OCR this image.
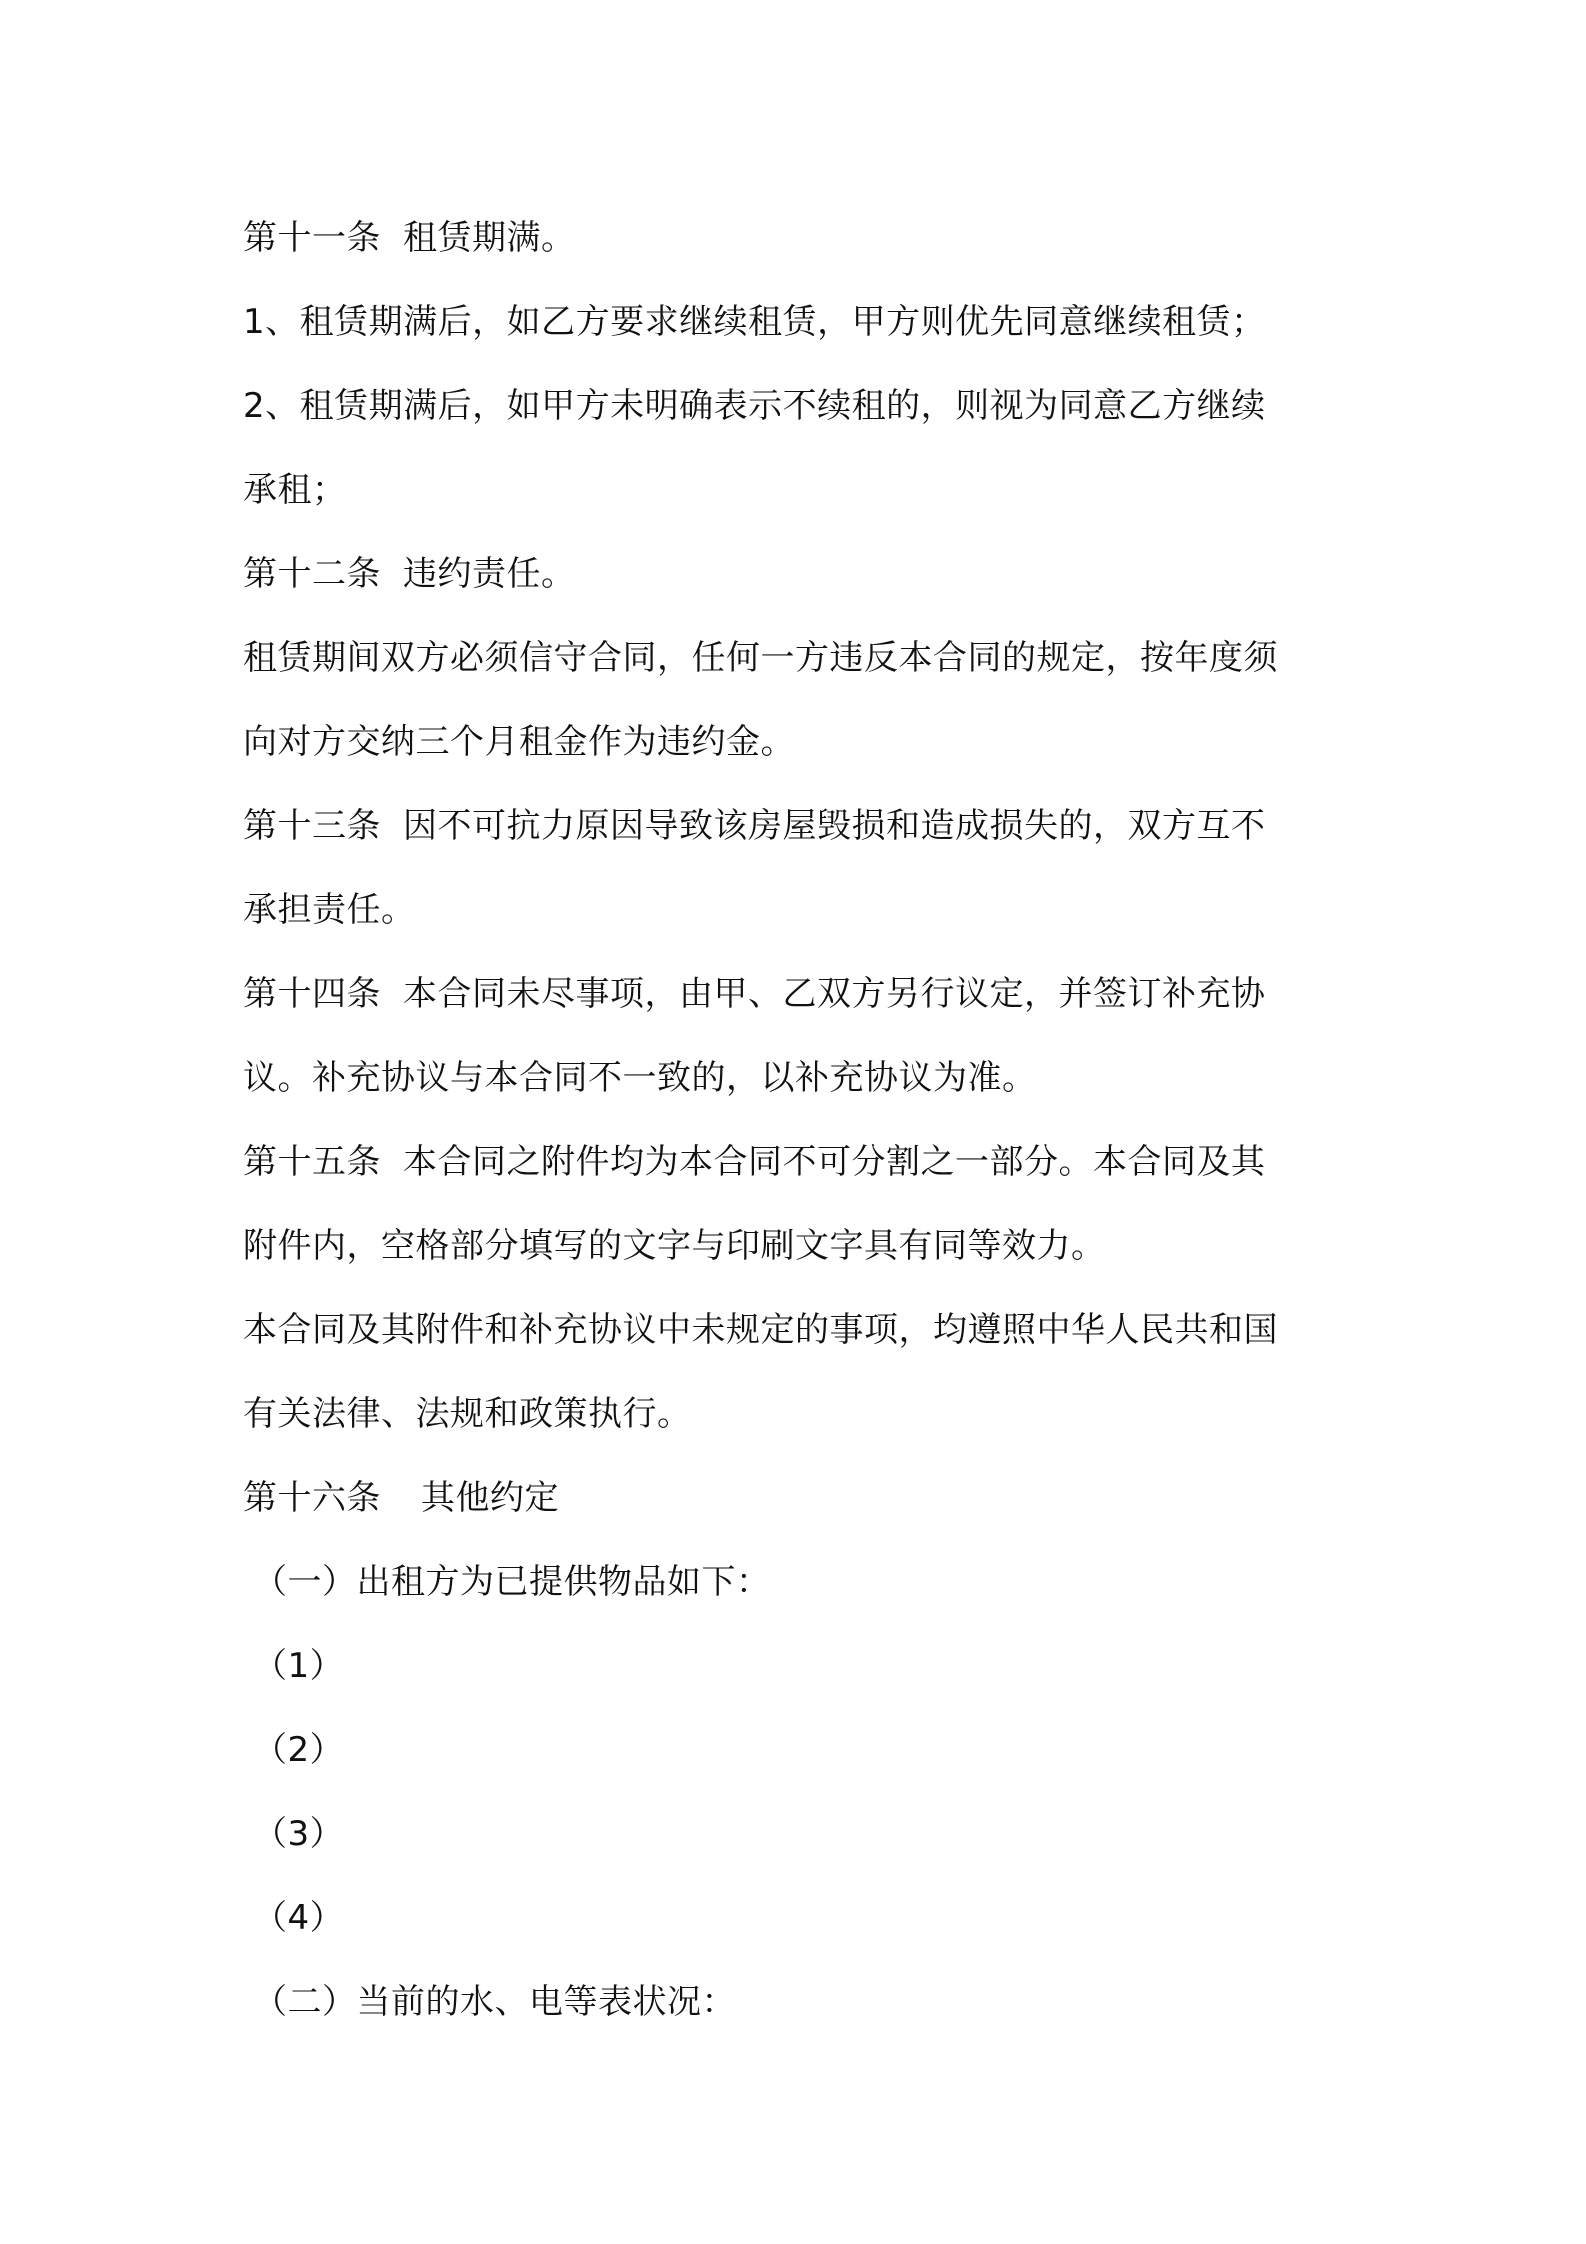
第十一条 租赁期满。
1、租赁期满后，如乙方要求继续租赁，甲方则优先同意继续租赁；
2、租赁期满后，如甲方未明确表示不续租的，则视为同意乙方继续
承租；
第十二条 违约责任。
租赁期间双方必须信守合同，任何一方违反本合同的规定，按年度须
向对方交纳三个月租金作为违约金。
第十三条 因不可抗力原因导致该房屋毁损和造成损失的，双方互不
承担责任。
第十四条 本合同未尽事项，由甲、乙双方另行议定，并签订补充协
议。补充协议与本合同不一致的，以补充协议为准。
第十五条 本合同之附件均为本合同不可分割之一部分。本合同及其
附件内，空格部分填写的文字与印刷文字具有同等效力。
本合同及其附件和补充协议中未规定的事项，均遵照中华人民共和国
有关法律、法规和政策执行。
第十六条 其他约定
（一）出租方为已提供物品如下：
（1）
（2）
（3）
（4）
（二）当前的水、电等表状况：
